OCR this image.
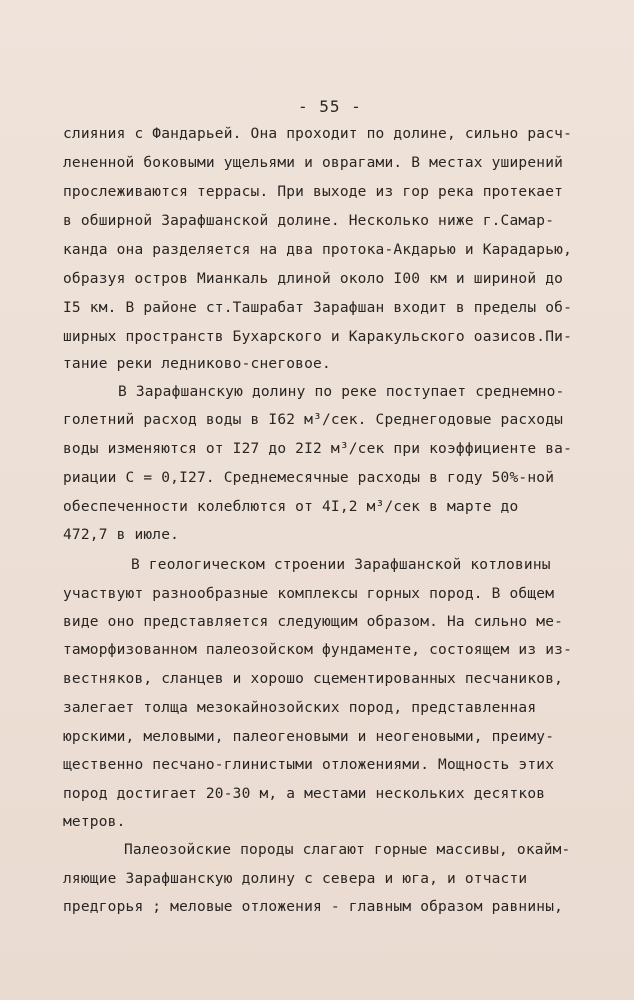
- 55 -
слияния с Фандарьей. Она проходит по долине, сильно расч-
лененной боковыми ущельями и оврагами. В местах уширений
прослеживаются террасы. При выходе из гор река протекает
в обширной Зарафшанской долине. Несколько ниже г.Самар-
канда она разделяется на два протока-Акдарью и Карадарью,
образуя остров Мианкаль длиной около I00 км и шириной до
I5 км. В районе ст.Ташрабат Зарафшан входит в пределы об-
ширных пространств Бухарского и Каракульского оазисов.Пи-
тание реки ледниково-снеговое.
В Зарафшанскую долину по реке поступает среднемно-
голетний расход воды в I62 м³/сек. Среднегодовые расходы
воды изменяются от I27 до 2I2 м³/сек при коэффициенте ва-
риации С = 0,I27. Среднемесячные расходы в году 50%-ной
обеспеченности колеблются от 4I,2 м³/сек в марте до
472,7 в июле.
В геологическом строении Зарафшанской котловины
участвуют разнообразные комплексы горных пород. В общем
виде оно представляется следующим образом. На сильно ме-
таморфизованном палеозойском фундаменте, состоящем из из-
вестняков, сланцев и хорошо сцементированных песчаников,
залегает толща мезокайнозойских пород, представленная
юрскими, меловыми, палеогеновыми и неогеновыми, преиму-
щественно песчано-глинистыми отложениями. Мощность этих
пород достигает 20-30 м, а местами нескольких десятков
метров.
Палеозойские породы слагают горные массивы, окайм-
ляющие Зарафшанскую долину с севера и юга, и отчасти
предгорья ; меловые отложения - главным образом равнины,
